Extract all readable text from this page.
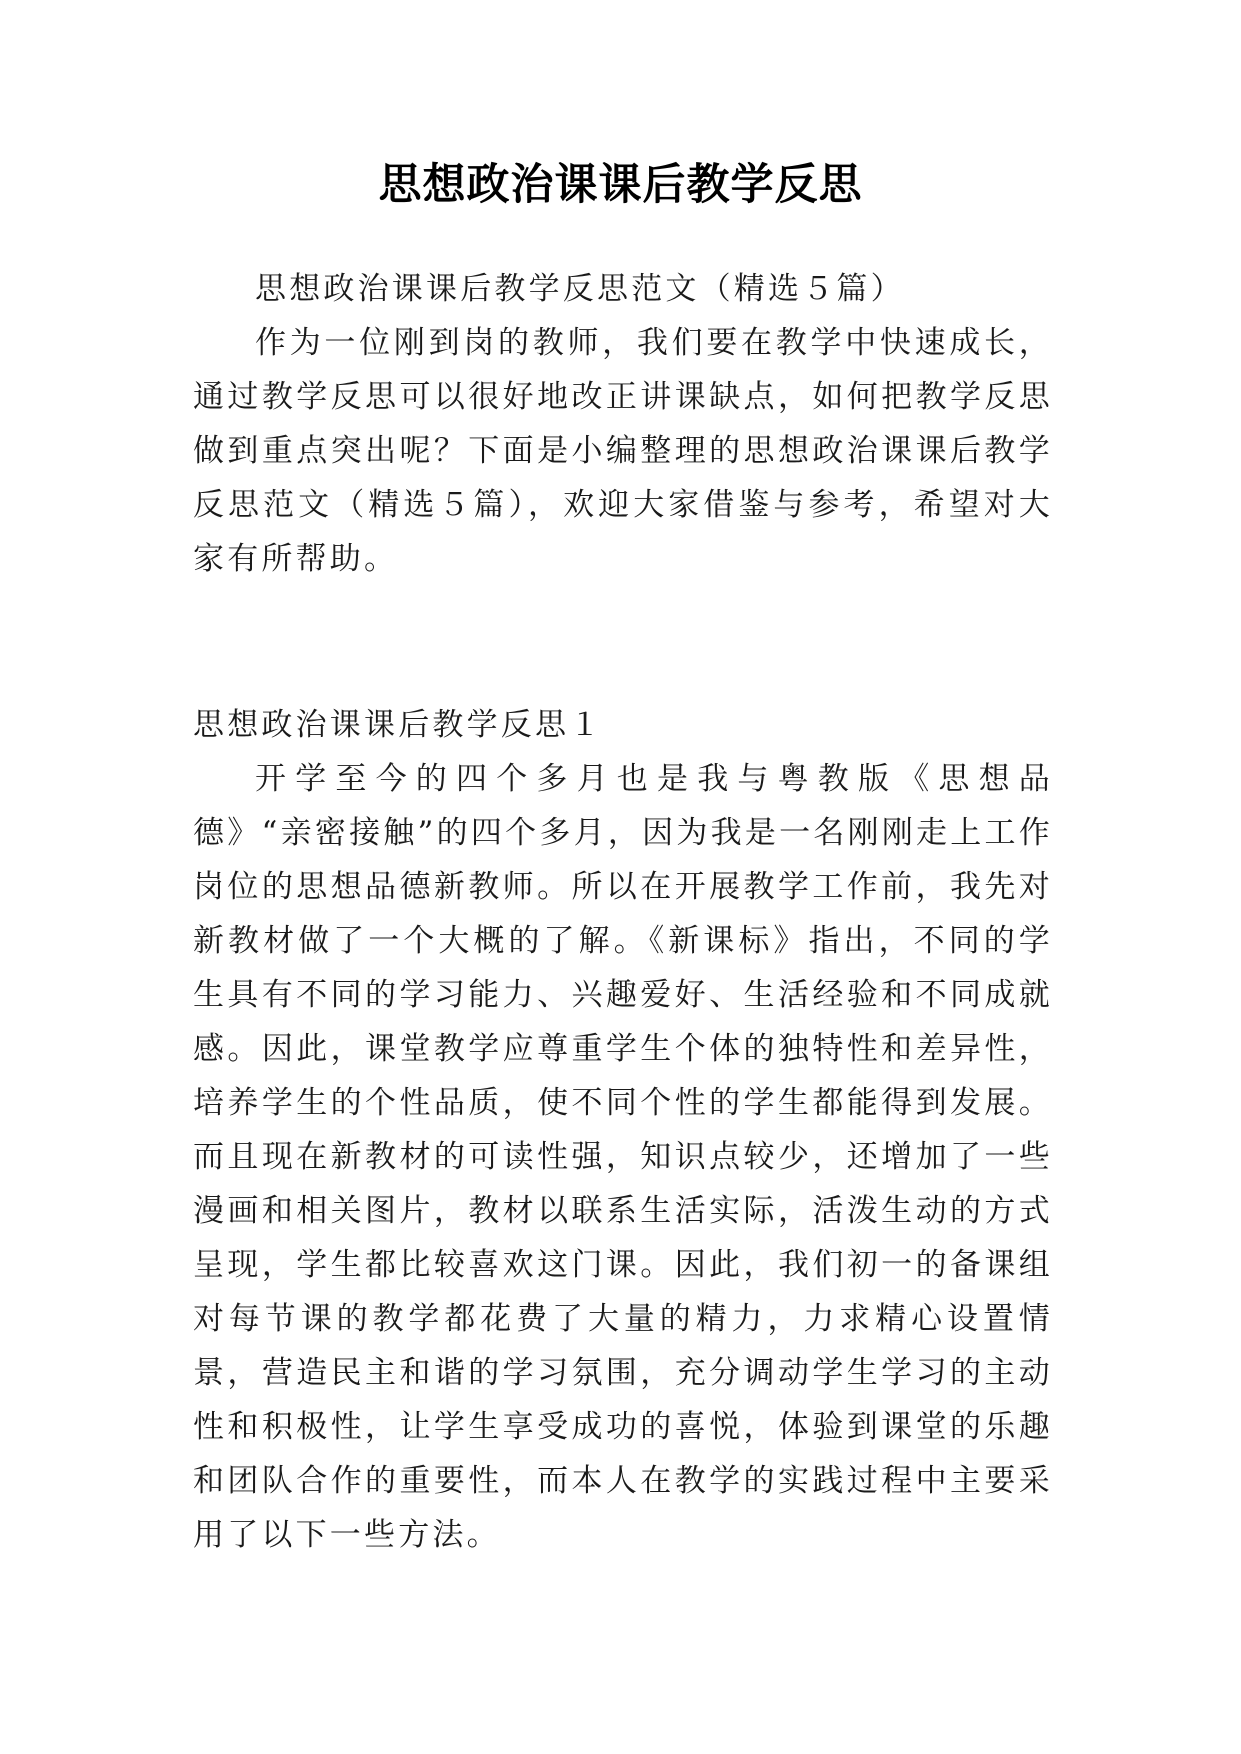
思想政治课课后教学反思

思想政治课课后教学反思范文（精选５篇）

作为一位刚到岗的教师，我们要在教学中快速成长，通过教学反思可以很好地改正讲课缺点，如何把教学反思做到重点突出呢？下面是小编整理的思想政治课课后教学反思范文（精选５篇），欢迎大家借鉴与参考，希望对大家有所帮助。

思想政治课课后教学反思１

开学至今的四个多月也是我与粤教版《思想品德》“亲密接触”的四个多月，因为我是一名刚刚走上工作岗位的思想品德新教师。所以在开展教学工作前，我先对新教材做了一个大概的了解。《新课标》指出，不同的学生具有不同的学习能力、兴趣爱好、生活经验和不同成就感。因此，课堂教学应尊重学生个体的独特性和差异性，培养学生的个性品质，使不同个性的学生都能得到发展。而且现在新教材的可读性强，知识点较少，还增加了一些漫画和相关图片，教材以联系生活实际，活泼生动的方式呈现，学生都比较喜欢这门课。因此，我们初一的备课组对每节课的教学都花费了大量的精力，力求精心设置情景，营造民主和谐的学习氛围，充分调动学生学习的主动性和积极性，让学生享受成功的喜悦，体验到课堂的乐趣和团队合作的重要性，而本人在教学的实践过程中主要采用了以下一些方法。
